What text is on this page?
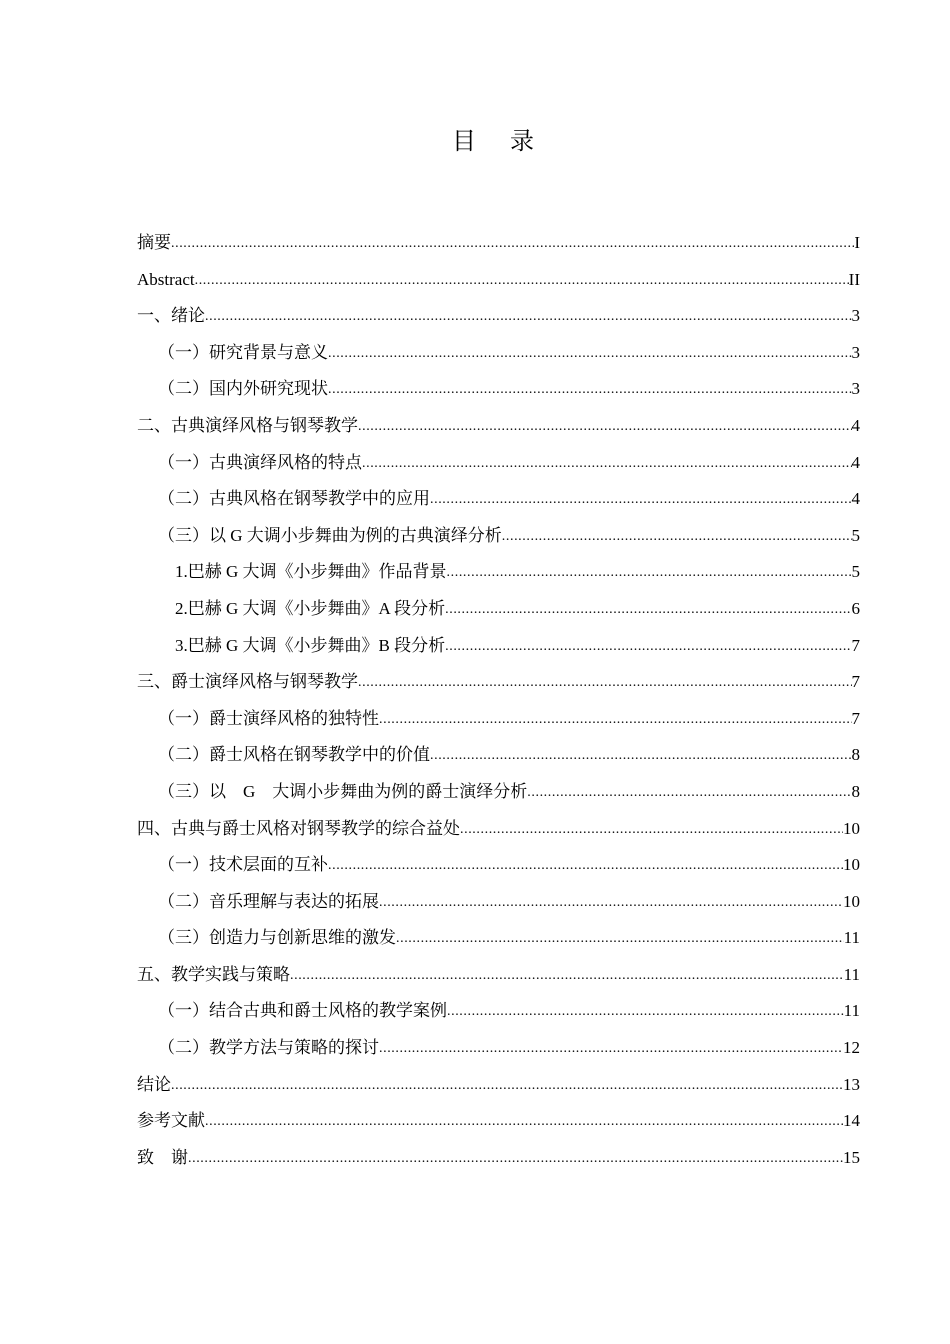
目 录
摘要 .....	I
Abstract .....	II
一、绪论 .....	3
（一）研究背景与意义 .....	3
（二）国内外研究现状 .....	3
二、古典演绎风格与钢琴教学 .....	4
（一）古典演绎风格的特点 .....	4
（二）古典风格在钢琴教学中的应用 .....	4
（三）以 G 大调小步舞曲为例的古典演绎分析 .....	5
1.巴赫 G 大调《小步舞曲》作品背景 .....	5
2.巴赫 G 大调《小步舞曲》A 段分析 .....	6
3.巴赫 G 大调《小步舞曲》B 段分析 .....	7
三、爵士演绎风格与钢琴教学 .....	7
（一）爵士演绎风格的独特性 .....	7
（二）爵士风格在钢琴教学中的价值 .....	8
（三）以　G　大调小步舞曲为例的爵士演绎分析 .....	8
四、古典与爵士风格对钢琴教学的综合益处 .....	10
（一）技术层面的互补 .....	10
（二）音乐理解与表达的拓展 .....	10
（三）创造力与创新思维的激发 .....	11
五、教学实践与策略 .....	11
（一）结合古典和爵士风格的教学案例 .....	11
（二）教学方法与策略的探讨 .....	12
结论 .....	13
参考文献 .....	14
致　谢 .....	15
